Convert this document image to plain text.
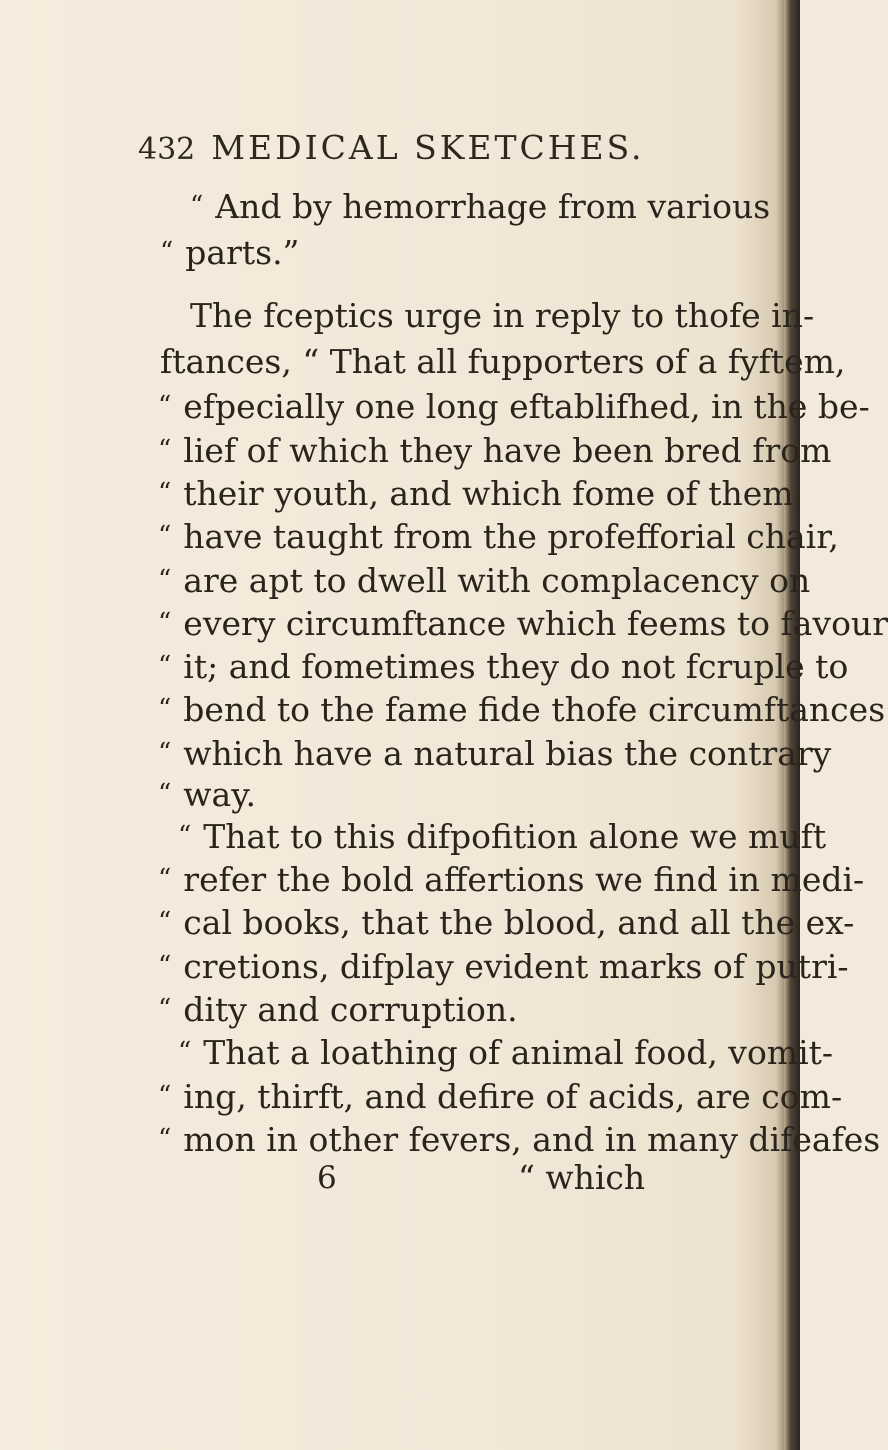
432 MEDICAL SKETCHES.
“ And by hemorrhage from various
“ parts.”
The fceptics urge in reply to thofe in-
ftances, “ That all fupporters of a fyftem,
“ efpecially one long eftablifhed, in the be-
“ lief of which they have been bred from
“ their youth, and which fome of them
“ have taught from the profefforial chair,
“ are apt to dwell with complacency on
“ every circumftance which feems to favour
“ it; and fometimes they do not fcruple to
“ bend to the fame fide thofe circumftances
“ which have a natural bias the contrary
“ way.
“ That to this difpofition alone we muft
“ refer the bold affertions we find in medi-
“ cal books, that the blood, and all the ex-
“ cretions, difplay evident marks of putri-
“ dity and corruption.
“ That a loathing of animal food, vomit-
“ ing, thirft, and defire of acids, are com-
“ mon in other fevers, and in many difeafes
6	“ which
